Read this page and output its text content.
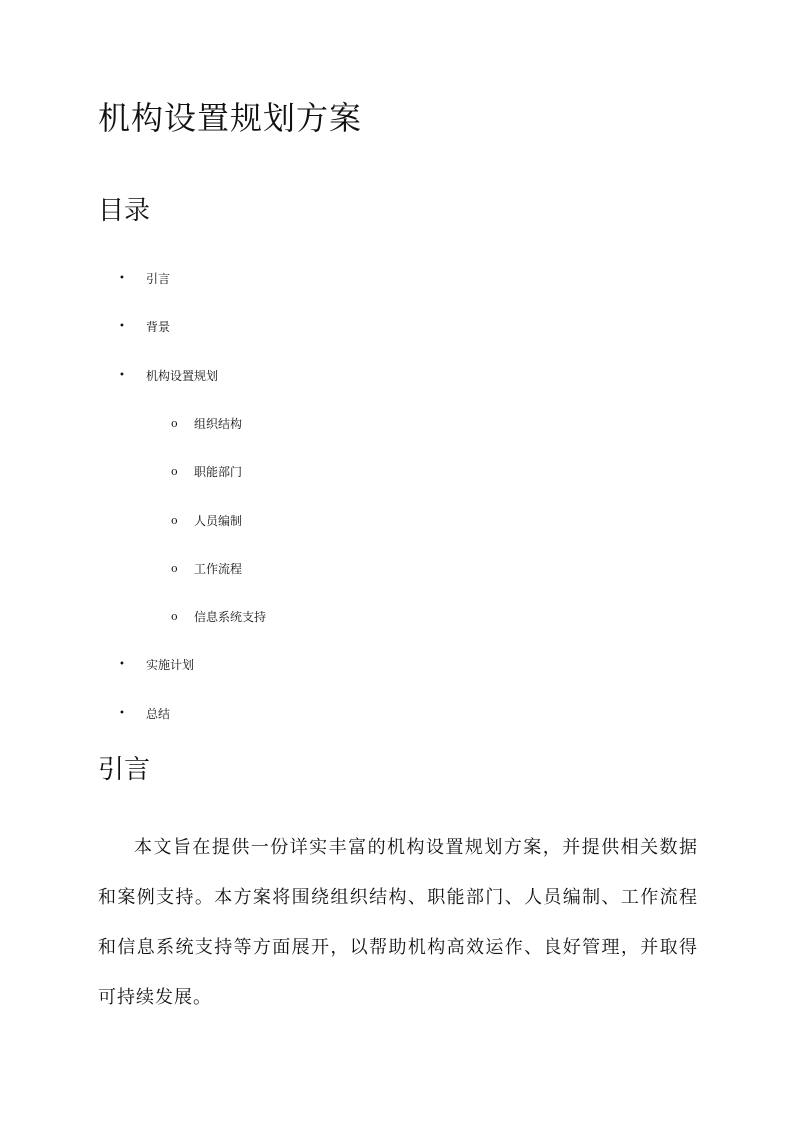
机构设置规划方案
目录
• 引言
• 背景
• 机构设置规划
o 组织结构
o 职能部门
o 人员编制
o 工作流程
o 信息系统支持
• 实施计划
• 总结
引言

本文旨在提供一份详实丰富的机构设置规划方案，并提供相关数据和案例支持。本方案将围绕组织结构、职能部门、人员编制、工作流程和信息系统支持等方面展开，以帮助机构高效运作、良好管理，并取得可持续发展。
